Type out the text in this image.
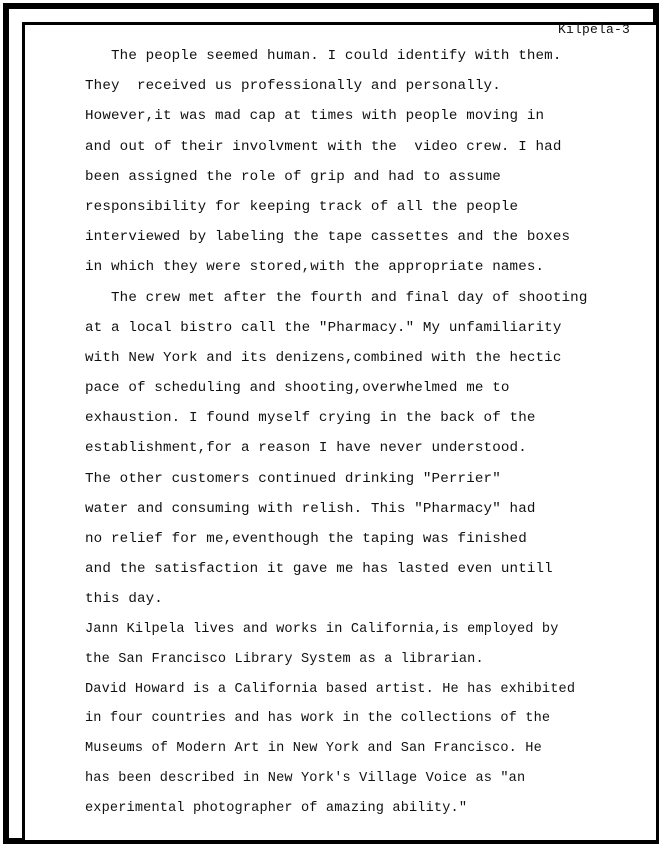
Kilpela-3
The people seemed human. I could identify with them.
They  received us professionally and personally.
However,it was mad cap at times with people moving in
and out of their involvment with the  video crew. I had
been assigned the role of grip and had to assume
responsibility for keeping track of all the people
interviewed by labeling the tape cassettes and the boxes
in which they were stored,with the appropriate names.
The crew met after the fourth and final day of shooting
at a local bistro call the "Pharmacy." My unfamiliarity
with New York and its denizens,combined with the hectic
pace of scheduling and shooting,overwhelmed me to
exhaustion. I found myself crying in the back of the
establishment,for a reason I have never understood.
The other customers continued drinking "Perrier"
water and consuming with relish. This "Pharmacy" had
no relief for me,eventhough the taping was finished
and the satisfaction it gave me has lasted even untill
this day.
Jann Kilpela lives and works in California,is employed by
the San Francisco Library System as a librarian.
David Howard is a California based artist. He has exhibited
in four countries and has work in the collections of the
Museums of Modern Art in New York and San Francisco. He
has been described in New York's Village Voice as "an
experimental photographer of amazing ability."
